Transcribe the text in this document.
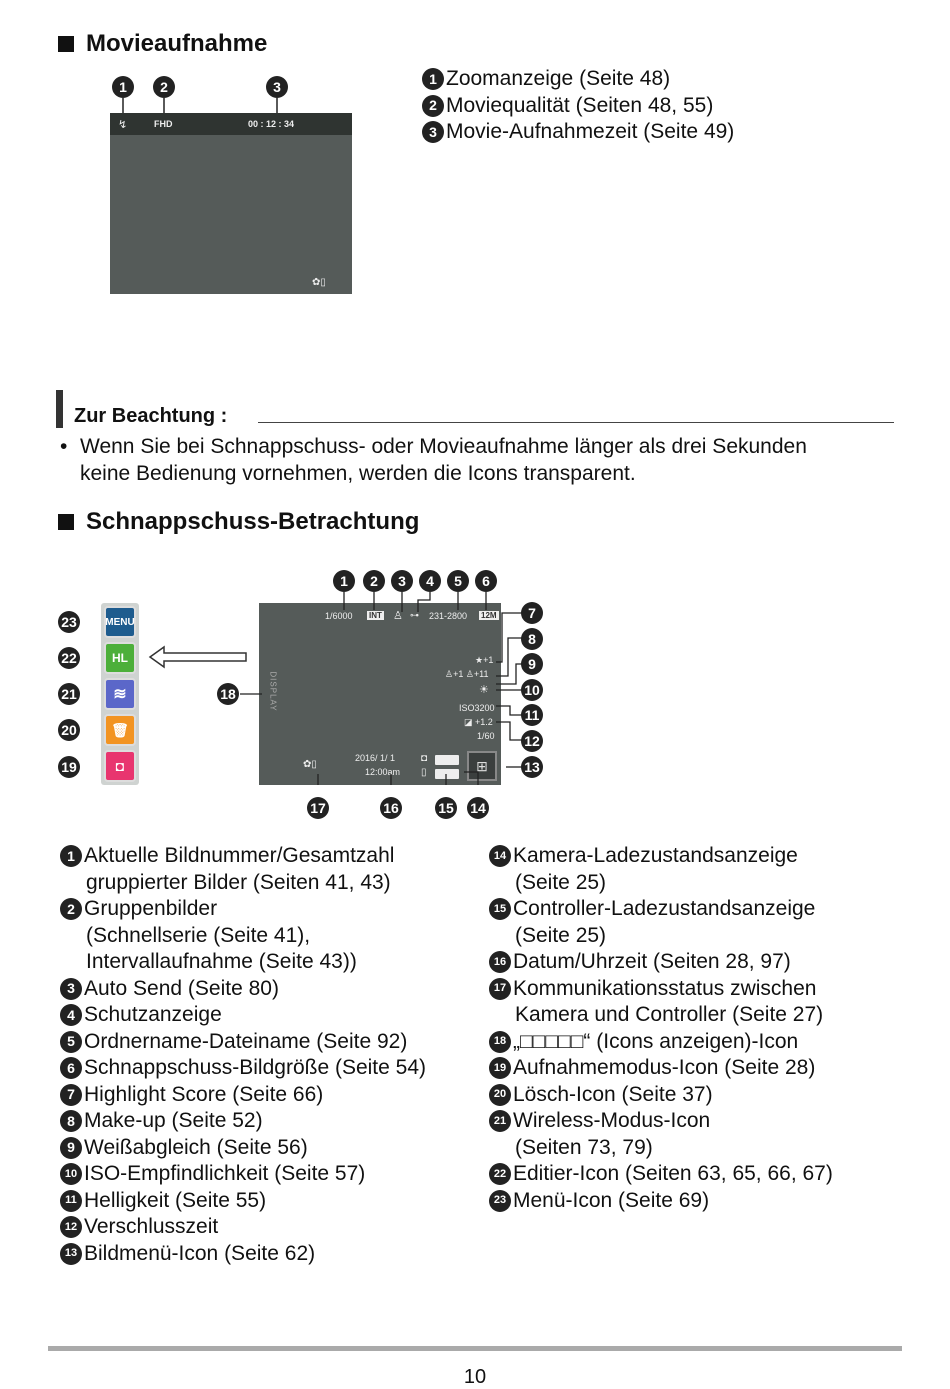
Movieaufnahme
1	2	3
↯	FHD	00 : 12 : 34
✿▯
1 Zoomanzeige (Seite 48)
2 Moviequalität (Seiten 48, 55)
3 Movie-Aufnahmezeit (Seite 49)
Zur Beachtung :
• Wenn Sie bei Schnappschuss- oder Movieaufnahme länger als drei Sekunden
keine Bedienung vornehmen, werden die Icons transparent.
Schnappschuss-Betrachtung
1	2	3	4	5	6
7
8
9
10
11
12
13
17	16	15 14
23
22
21
20
19
18
MENU
HL
≋
🗑
◘
1/6000 INT ♙ ⊶ 231-2800 12M
★+1
♙+1 ♙+11
☀
ISO3200
◪ +1.2
1/60
⊞
2016/ 1/ 1
12:00am
✿▯
◘
▯
DISPLAY
1 Aktuelle Bildnummer/Gesamtzahl
gruppierter Bilder (Seiten 41, 43)
2 Gruppenbilder
(Schnellserie (Seite 41),
Intervallaufnahme (Seite 43))
3 Auto Send (Seite 80)
4 Schutzanzeige
5 Ordnername-Dateiname (Seite 92)
6 Schnappschuss-Bildgröße (Seite 54)
7 Highlight Score (Seite 66)
8 Make-up (Seite 52)
9 Weißabgleich (Seite 56)
10 ISO-Empfindlichkeit (Seite 57)
11 Helligkeit (Seite 55)
12 Verschlusszeit
13 Bildmenü-Icon (Seite 62)
14 Kamera-Ladezustandsanzeige
(Seite 25)
15 Controller-Ladezustandsanzeige
(Seite 25)
16 Datum/Uhrzeit (Seiten 28, 97)
17 Kommunikationsstatus zwischen
Kamera und Controller (Seite 27)
18 „□□□□□“ (Icons anzeigen)-Icon
19 Aufnahmemodus-Icon (Seite 28)
20 Lösch-Icon (Seite 37)
21 Wireless-Modus-Icon
(Seiten 73, 79)
22 Editier-Icon (Seiten 63, 65, 66, 67)
23 Menü-Icon (Seite 69)
10
